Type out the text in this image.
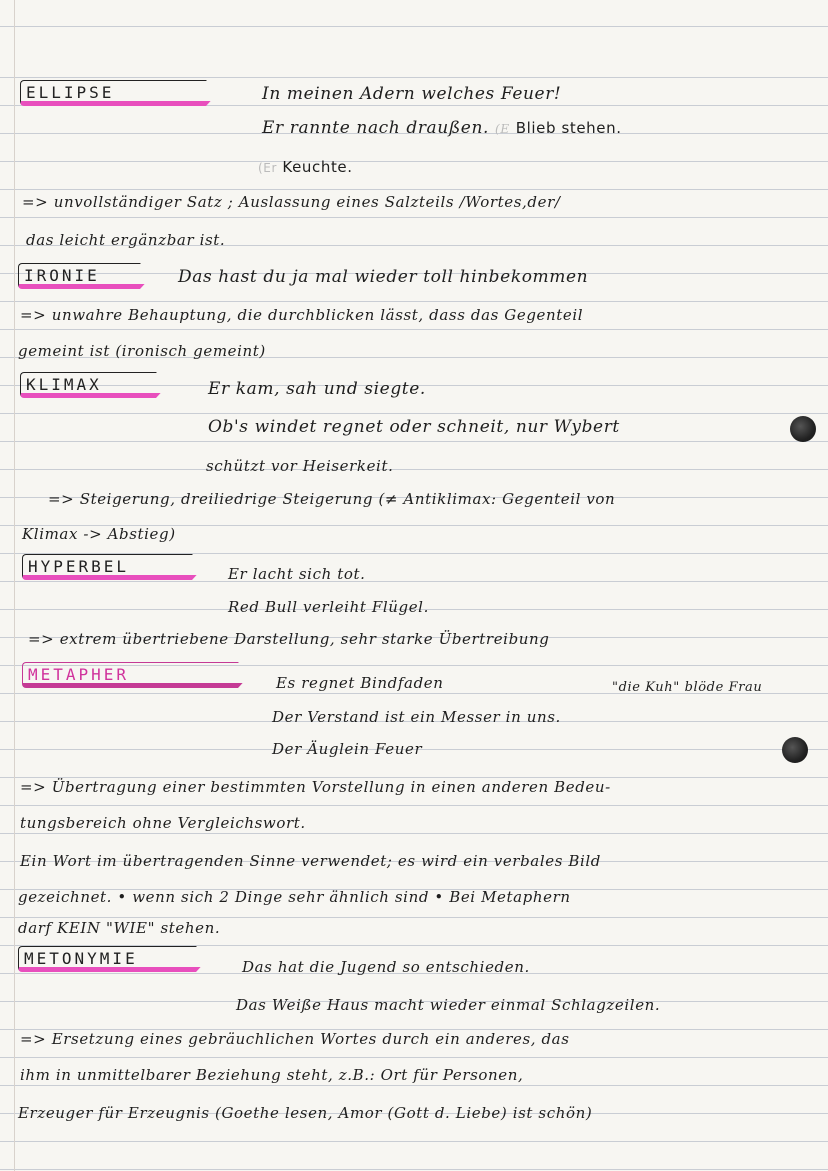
ELLIPSE	In meinen Adern welches Feuer!
Er rannte nach draußen. (E Blieb stehen.
(Er Keuchte.
=> unvollständiger Satz ; Auslassung eines Salzteils /Wortes,der/
das leicht ergänzbar ist.
IRONIE	Das hast du ja mal wieder toll hinbekommen
=> unwahre Behauptung, die durchblicken lässt, dass das Gegenteil
gemeint ist (ironisch gemeint)
KLIMAX	Er kam, sah und siegte.
Ob's windet regnet oder schneit, nur Wybert
schützt vor Heiserkeit.
=> Steigerung, dreiliedrige Steigerung (≠ Antiklimax: Gegenteil von
Klimax -> Abstieg)
HYPERBEL	Er lacht sich tot.
Red Bull verleiht Flügel.
=> extrem übertriebene Darstellung, sehr starke Übertreibung
METAPHER	Es regnet Bindfaden	"die Kuh" blöde Frau
Der Verstand ist ein Messer in uns.
Der Äuglein Feuer
=> Übertragung einer bestimmten Vorstellung in einen anderen Bedeu-
tungsbereich ohne Vergleichswort.
Ein Wort im übertragenden Sinne verwendet; es wird ein verbales Bild
gezeichnet. • wenn sich 2 Dinge sehr ähnlich sind • Bei Metaphern
darf KEIN "WIE" stehen.
METONYMIE	Das hat die Jugend so entschieden.
Das Weiße Haus macht wieder einmal Schlagzeilen.
=> Ersetzung eines gebräuchlichen Wortes durch ein anderes, das
ihm in unmittelbarer Beziehung steht, z.B.: Ort für Personen,
Erzeuger für Erzeugnis (Goethe lesen, Amor (Gott d. Liebe) ist schön)
